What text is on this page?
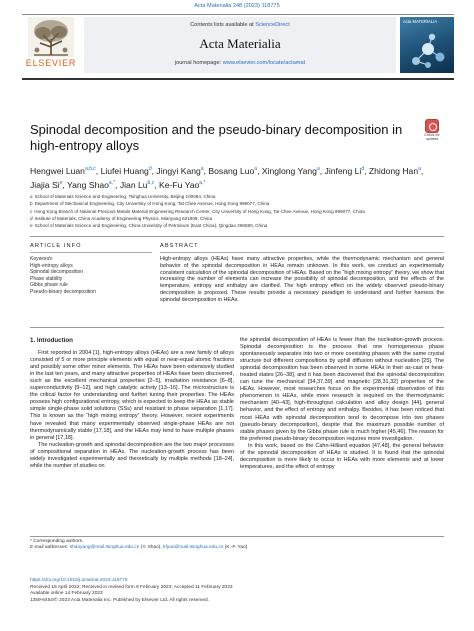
Acta Materialia 248 (2023) 118775
ELSEVIER
Contents lists available at ScienceDirect
Acta Materialia
journal homepage: www.elsevier.com/locate/actamat
Acta MATERIALIA
Check for updates
Spinodal decomposition and the pseudo-binary decomposition in
high-entropy alloys
Hengwei Luan$^{a,b,c}$, Liufei Huang$^d$, Jingyi Kang$^a$, Bosang Luo$^a$, Xinglong Yang$^a$, Jinfeng Li$^d$, Zhidong Han$^a$, Jiajia Si$^e$, Yang Shao$^{a,*}$, Jian Lu$^{b,c}$, Ke-Fu Yao$^{a,*}$
a School of Materials Science and Engineering, Tsinghua University, Beijing 100084, China
b Department of Mechanical Engineering, City University of Hong Kong, Tat Chee Avenue, Hong Kong 999077, China
c Hong Kong Branch of National Precious Metals Material Engineering Research Center, City University of Hong Kong, Tat Chee Avenue, Hong Kong 999077, China
d Institute of Materials, China Academy of Engineering Physics, Mianyang 621908, China
e School of Materials Science and Engineering, China University of Petroleum (East China), Qingdao 266580, China
ARTICLE INFO	ABSTRACT
Keywords:
High-entropy alloys
Spinodal decomposition
Phase stability
Gibbs phase rule
Pseudo-binary decomposition
High-entropy alloys (HEAs) have many attractive properties, while the thermodynamic mechanism and general behavior of the spinodal decomposition in HEAs remain unknown. In this work, we conduct an experimentally consistent calculation of the spinodal decomposition of HEAs. Based on the “high mixing entropy” theory, we show that increasing the number of elements can increase the possibility of spinodal decomposition, and the effects of the temperature, entropy and enthalpy are clarified. The high entropy effect on the widely observed pseudo-binary decomposition is proposed. These results provide a necessary paradigm to understand and further harness the spinodal decomposition in HEAs.
1. Introduction

First reported in 2004 [1], high-entropy alloys (HEAs) are a new family of alloys consisted of 5 or more principle elements with equal or near-equal atomic fractions and possibly some other minor elements. The HEAs have been extensively studied in the last ten years, and many attractive properties of HEAs have been discovered, such as the excellent mechanical properties [2–5], irradiation resistance [6–8], superconductivity [9–12], and high catalytic activity [13–16]. The microstructure is the critical factor for understanding and further tuning their properties. The HEAs possess high configurational entropy, which is expected to keep the HEAs as stable simple single-phase solid solutions (SSs) and resistant to phase separation [1,17]. This is known as the “high mixing entropy” theory. However, recent experiments have revealed that many experimentally observed single-phase HEAs are not thermodynamically stable [17,18], and the HEAs may tend to have multiple phases in general [17,18].

The nucleation-growth and spinodal decomposition are the two major processes of compositional separation in HEAs. The nucleation-growth process has been widely investigated experimentally and theoretically by multiple methods [18–24], while the number of studies on

the spinodal decomposition of HEAs is fewer than the nucleation-growth process. Spinodal decomposition is the process that one homogeneous phase spontaneously separates into two or more coexisting phases with the same crystal structure but different compositions by uphill diffusion without nucleation [25]. The spinodal decomposition has been observed in some HEAs in their as-cast or heat-treated states [26–38], and it has been discovered that the spinodal decomposition can tune the mechanical [34,37,39] and magnetic [28,31,32] properties of the HEAs. However, most researches focus on the experimental observation of this phenomenon in HEAs, while more research is required on the thermodynamic mechanism [40–43], high-throughput calculation and alloy design [44], general behavior, and the effect of entropy and enthalpy. Besides, it has been noticed that most HEAs with spinodal decomposition tend to decompose into two phases (pseudo-binary decomposition), despite that the maximum possible number of stable phases given by the Gibbs phase rule is much higher [45,46]. The reason for the preferred pseudo-binary decomposition requires more investigation.

In this work, based on the Cahn-Hilliard equation [47,48], the general behavior of the spinodal decomposition of HEAs is studied. It is found that the spinodal decomposition is more likely to occur in HEAs with more elements and at lower temperatures, and the effect of entropy

* Corresponding authors.
E-mail addresses: shaoyang@mail.tsinghua.edu.cn (Y. Shao), kfyao@mail.tsinghua.edu.cn (K.-F. Yao).
https://doi.org/10.1016/j.actamat.2023.118775
Received 19 April 2022; Received in revised form 8 February 2023; Accepted 11 February 2023
Available online 14 February 2023
1359-6454/© 2023 Acta Materialia Inc. Published by Elsevier Ltd. All rights reserved.
